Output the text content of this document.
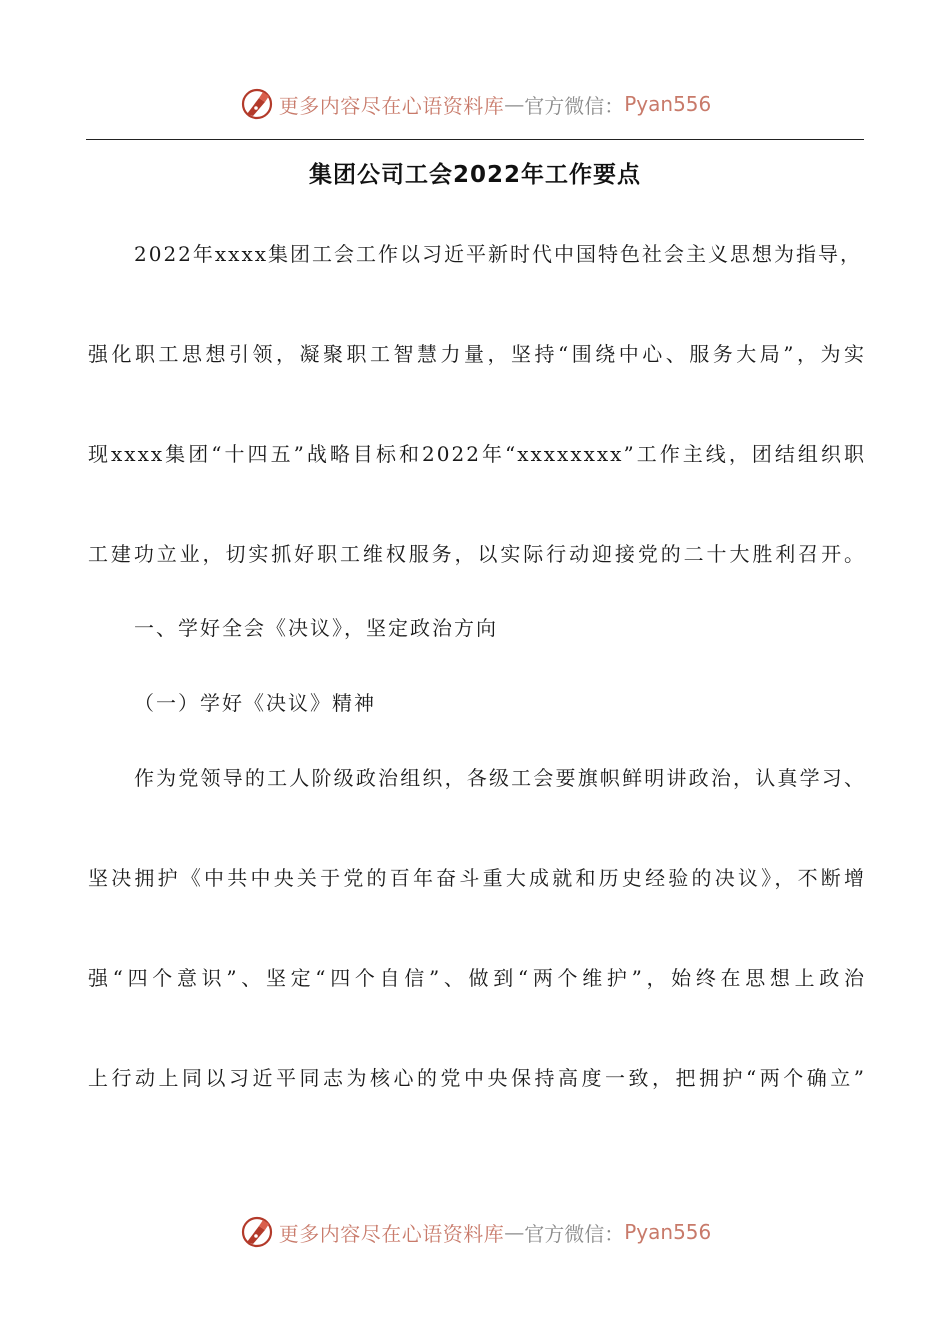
更多内容尽在心语资料库 — 官方微信： Pyan556
集团公司工会2022年工作要点
2022年xxxx集团工会工作以习近平新时代中国特色社会主义思想为指导，
强化职工思想引领，凝聚职工智慧力量，坚持“围绕中心、服务大局”，为实
现xxxx集团“十四五”战略目标和2022年“xxxxxxxx”工作主线，团结组织职
工建功立业，切实抓好职工维权服务，以实际行动迎接党的二十大胜利召开。
一、学好全会《决议》，坚定政治方向
（一）学好《决议》精神
作为党领导的工人阶级政治组织，各级工会要旗帜鲜明讲政治，认真学习、
坚决拥护《中共中央关于党的百年奋斗重大成就和历史经验的决议》，不断增
强“四个意识”、坚定“四个自信”、做到“两个维护”，始终在思想上政治
上行动上同以习近平同志为核心的党中央保持高度一致，把拥护“两个确立”
更多内容尽在心语资料库 — 官方微信： Pyan556
